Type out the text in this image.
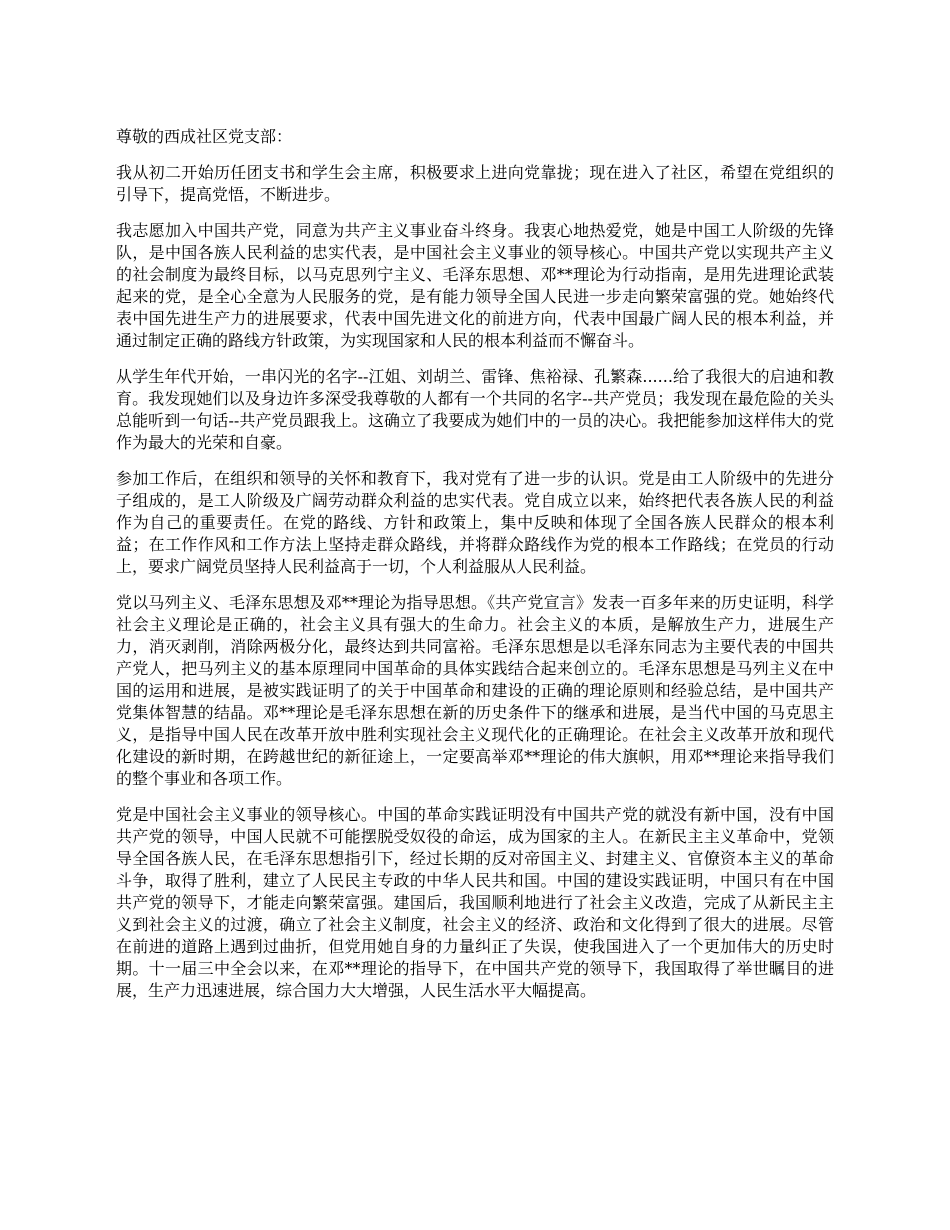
尊敬的西成社区党支部：

我从初二开始历任团支书和学生会主席，积极要求上进向党靠拢；现在进入了社区，希望在党组织的引导下，提高党悟，不断进步。

我志愿加入中国共产党，同意为共产主义事业奋斗终身。我衷心地热爱党，她是中国工人阶级的先锋队，是中国各族人民利益的忠实代表，是中国社会主义事业的领导核心。中国共产党以实现共产主义的社会制度为最终目标，以马克思列宁主义、毛泽东思想、邓**理论为行动指南，是用先进理论武装起来的党，是全心全意为人民服务的党，是有能力领导全国人民进一步走向繁荣富强的党。她始终代表中国先进生产力的进展要求，代表中国先进文化的前进方向，代表中国最广阔人民的根本利益，并通过制定正确的路线方针政策，为实现国家和人民的根本利益而不懈奋斗。

从学生年代开始，一串闪光的名字--江姐、刘胡兰、雷锋、焦裕禄、孔繁森......给了我很大的启迪和教育。我发现她们以及身边许多深受我尊敬的人都有一个共同的名字--共产党员；我发现在最危险的关头总能听到一句话--共产党员跟我上。这确立了我要成为她们中的一员的决心。我把能参加这样伟大的党作为最大的光荣和自豪。

参加工作后，在组织和领导的关怀和教育下，我对党有了进一步的认识。党是由工人阶级中的先进分子组成的，是工人阶级及广阔劳动群众利益的忠实代表。党自成立以来，始终把代表各族人民的利益作为自己的重要责任。在党的路线、方针和政策上，集中反映和体现了全国各族人民群众的根本利益；在工作作风和工作方法上坚持走群众路线，并将群众路线作为党的根本工作路线；在党员的行动上，要求广阔党员坚持人民利益高于一切，个人利益服从人民利益。

党以马列主义、毛泽东思想及邓**理论为指导思想。《共产党宣言》发表一百多年来的历史证明，科学社会主义理论是正确的，社会主义具有强大的生命力。社会主义的本质，是解放生产力，进展生产力，消灭剥削，消除两极分化，最终达到共同富裕。毛泽东思想是以毛泽东同志为主要代表的中国共产党人，把马列主义的基本原理同中国革命的具体实践结合起来创立的。毛泽东思想是马列主义在中国的运用和进展，是被实践证明了的关于中国革命和建设的正确的理论原则和经验总结，是中国共产党集体智慧的结晶。邓**理论是毛泽东思想在新的历史条件下的继承和进展，是当代中国的马克思主义，是指导中国人民在改革开放中胜利实现社会主义现代化的正确理论。在社会主义改革开放和现代化建设的新时期，在跨越世纪的新征途上，一定要高举邓**理论的伟大旗帜，用邓**理论来指导我们的整个事业和各项工作。

党是中国社会主义事业的领导核心。中国的革命实践证明没有中国共产党的就没有新中国，没有中国共产党的领导，中国人民就不可能摆脱受奴役的命运，成为国家的主人。在新民主主义革命中，党领导全国各族人民，在毛泽东思想指引下，经过长期的反对帝国主义、封建主义、官僚资本主义的革命斗争，取得了胜利，建立了人民民主专政的中华人民共和国。中国的建设实践证明，中国只有在中国共产党的领导下，才能走向繁荣富强。建国后，我国顺利地进行了社会主义改造，完成了从新民主主义到社会主义的过渡，确立了社会主义制度，社会主义的经济、政治和文化得到了很大的进展。尽管在前进的道路上遇到过曲折，但党用她自身的力量纠正了失误，使我国进入了一个更加伟大的历史时期。十一届三中全会以来，在邓**理论的指导下，在中国共产党的领导下，我国取得了举世瞩目的进展，生产力迅速进展，综合国力大大增强，人民生活水平大幅提高。
